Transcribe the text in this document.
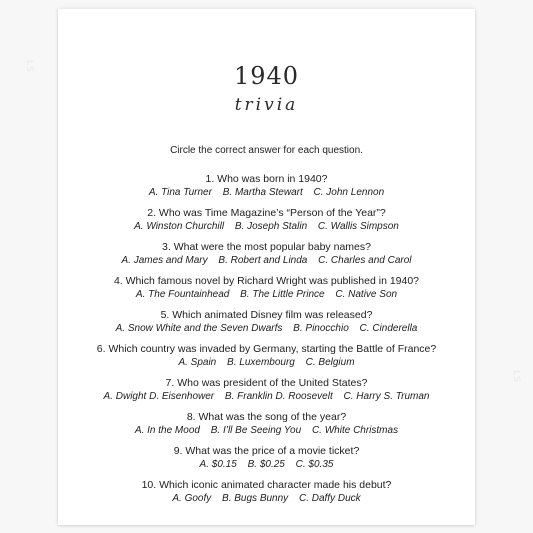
LS
LS
1940
trivia
Circle the correct answer for each question.
1. Who was born in 1940?
A. Tina Turner B. Martha Stewart C. John Lennon
2. Who was Time Magazine’s “Person of the Year”?
A. Winston Churchill B. Joseph Stalin C. Wallis Simpson
3. What were the most popular baby names?
A. James and Mary B. Robert and Linda C. Charles and Carol
4. Which famous novel by Richard Wright was published in 1940?
A. The Fountainhead B. The Little Prince C. Native Son
5. Which animated Disney film was released?
A. Snow White and the Seven Dwarfs B. Pinocchio C. Cinderella
6. Which country was invaded by Germany, starting the Battle of France?
A. Spain B. Luxembourg C. Belgium
7. Who was president of the United States?
A. Dwight D. Eisenhower B. Franklin D. Roosevelt C. Harry S. Truman
8. What was the song of the year?
A. In the Mood B. I’ll Be Seeing You C. White Christmas
9. What was the price of a movie ticket?
A. $0.15 B. $0.25 C. $0.35
10. Which iconic animated character made his debut?
A. Goofy B. Bugs Bunny C. Daffy Duck
